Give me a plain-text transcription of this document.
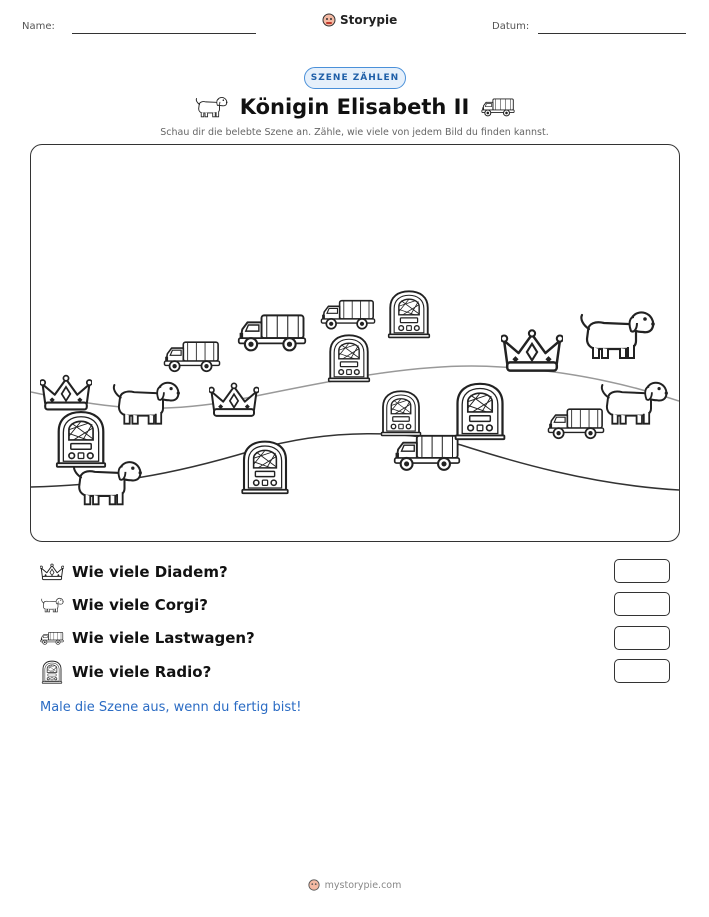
Name:	Storypie	Datum:
SZENE ZÄHLEN
Königin Elisabeth II
Schau dir die belebte Szene an. Zähle, wie viele von jedem Bild du finden kannst.
Wie viele Diadem?
Wie viele Corgi?
Wie viele Lastwagen?
Wie viele Radio?
Male die Szene aus, wenn du fertig bist!
mystorypie.com
